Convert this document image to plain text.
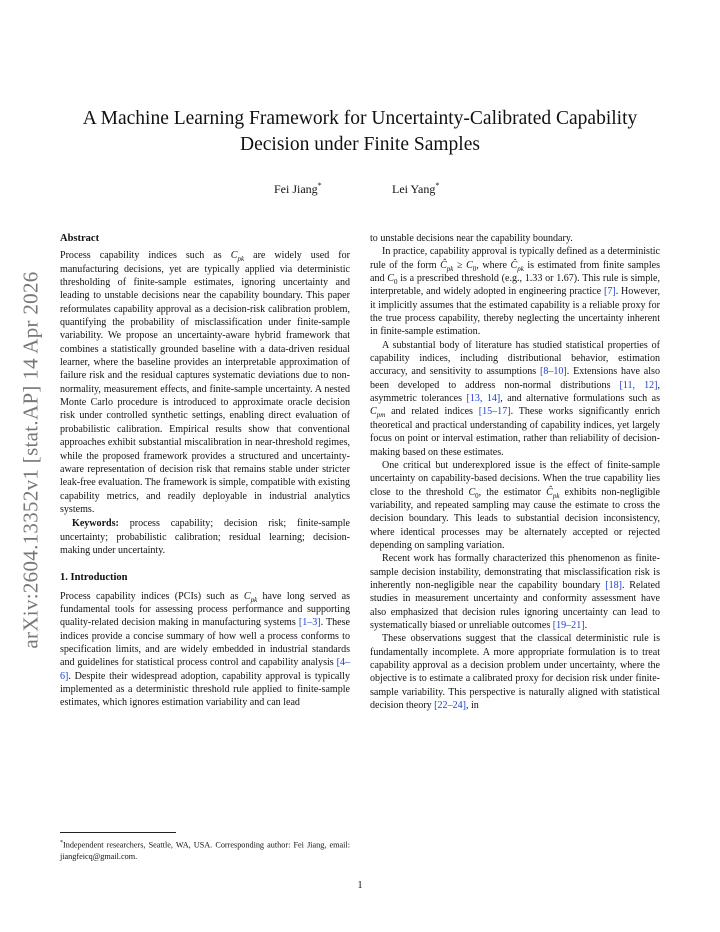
arXiv:2604.13352v1 [stat.AP] 14 Apr 2026
A Machine Learning Framework for Uncertainty-Calibrated Capability
Decision under Finite Samples
Fei Jiang*	Lei Yang*
Abstract

Process capability indices such as $C_{pk}$ are widely used for manufacturing decisions, yet are typically applied via deterministic thresholding of finite-sample estimates, ignoring uncertainty and leading to unstable decisions near the capability boundary. This paper reformulates capability approval as a decision-risk calibration problem, quantifying the probability of misclassification under finite-sample variability. We propose an uncertainty-aware hybrid framework that combines a statistically grounded baseline with a data-driven residual learner, where the baseline provides an interpretable approximation of failure risk and the residual captures systematic deviations due to non-normality, measurement effects, and finite-sample uncertainty. A nested Monte Carlo procedure is introduced to approximate oracle decision risk under controlled synthetic settings, enabling direct evaluation of probabilistic calibration. Empirical results show that conventional approaches exhibit substantial miscalibration in near-threshold regimes, while the proposed framework provides a structured and uncertainty-aware representation of decision risk that remains stable under stricter leak-free evaluation. The framework is simple, compatible with existing capability metrics, and readily deployable in industrial analytics systems.

Keywords: process capability; decision risk; finite-sample uncertainty; probabilistic calibration; residual learning; decision-making under uncertainty.

1. Introduction

Process capability indices (PCIs) such as $C_{pk}$ have long served as fundamental tools for assessing process performance and supporting quality-related decision making in manufacturing systems [1–3]. These indices provide a concise summary of how well a process conforms to specification limits, and are widely embedded in industrial standards and guidelines for statistical process control and capability analysis [4–6]. Despite their widespread adoption, capability approval is typically implemented as a deterministic threshold rule applied to finite-sample estimates, which ignores estimation variability and can lead

to unstable decisions near the capability boundary.

In practice, capability approval is typically defined as a deterministic rule of the form $Ĉ_{pk} \ge C_0$, where $Ĉ_{pk}$ is estimated from finite samples and $C_0$ is a prescribed threshold (e.g., 1.33 or 1.67). This rule is simple, interpretable, and widely adopted in engineering practice [7]. However, it implicitly assumes that the estimated capability is a reliable proxy for the true process capability, thereby neglecting the uncertainty inherent in finite-sample estimation.

A substantial body of literature has studied statistical properties of capability indices, including distributional behavior, estimation accuracy, and sensitivity to assumptions [8–10]. Extensions have also been developed to address non-normal distributions [11, 12], asymmetric tolerances [13, 14], and alternative formulations such as $C_{pm}$ and related indices [15–17]. These works significantly enrich theoretical and practical understanding of capability indices, yet largely focus on point or interval estimation, rather than reliability of decision-making based on these estimates.

One critical but underexplored issue is the effect of finite-sample uncertainty on capability-based decisions. When the true capability lies close to the threshold $C_0$, the estimator $Ĉ_{pk}$ exhibits non-negligible variability, and repeated sampling may cause the estimate to cross the decision boundary. This leads to substantial decision inconsistency, where identical processes may be alternately accepted or rejected depending on sampling variation.

Recent work has formally characterized this phenomenon as finite-sample decision instability, demonstrating that misclassification risk is inherently non-negligible near the capability boundary [18]. Related studies in measurement uncertainty and conformity assessment have also emphasized that decision rules ignoring uncertainty can lead to systematically biased or unreliable outcomes [19–21].

These observations suggest that the classical deterministic rule is fundamentally incomplete. A more appropriate formulation is to treat capability approval as a decision problem under uncertainty, where the objective is to estimate a calibrated proxy for decision risk under finite-sample variability. This perspective is naturally aligned with statistical decision theory [22–24], in

*Independent researchers, Seattle, WA, USA. Corresponding author: Fei Jiang, email: jiangfeicq@gmail.com.
1
